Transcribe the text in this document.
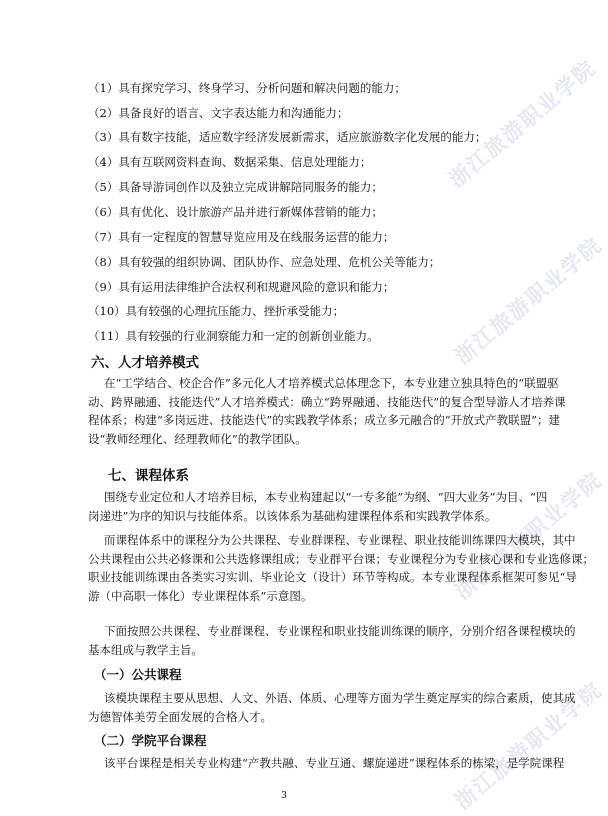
浙江旅游职业学院
浙江旅游职业学院
浙江旅游职业学院
浙江旅游职业学院
（1）具有探究学习、终身学习、分析问题和解决问题的能力；
（2）具备良好的语言、文字表达能力和沟通能力；
（3）具有数字技能，适应数字经济发展新需求，适应旅游数字化发展的能力；
（4）具有互联网资料查询、数据采集、信息处理能力；
（5）具备导游词创作以及独立完成讲解陪同服务的能力；
（6）具有优化、设计旅游产品并进行新媒体营销的能力；
（7）具有一定程度的智慧导览应用及在线服务运营的能力；
（8）具有较强的组织协调、团队协作、应急处理、危机公关等能力；
（9）具有运用法律维护合法权利和规避风险的意识和能力；
（10）具有较强的心理抗压能力、挫折承受能力；
（11）具有较强的行业洞察能力和一定的创新创业能力。
六、人才培养模式
在“工学结合、校企合作”多元化人才培养模式总体理念下，本专业建立独具特色的“联盟驱
动、跨界融通、技能迭代”人才培养模式：确立“跨界融通、技能迭代”的复合型导游人才培养课
程体系；构建“多岗远进、技能迭代”的实践教学体系；成立多元融合的“开放式产教联盟”；建
设“教师经理化、经理教师化”的教学团队。
七、课程体系
围绕专业定位和人才培养目标，本专业构建起以“一专多能”为纲、“四大业务”为目、“四
岗递进”为序的知识与技能体系。以该体系为基础构建课程体系和实践教学体系。
而课程体系中的课程分为公共课程、专业群课程、专业课程、职业技能训练课四大模块，其中
公共课程由公共必修课和公共选修课组成；专业群平台课；专业课程分为专业核心课和专业选修课；
职业技能训练课由各类实习实训、毕业论文（设计）环节等构成。本专业课程体系框架可参见“导
游（中高职一体化）专业课程体系”示意图。
下面按照公共课程、专业群课程、专业课程和职业技能训练课的顺序，分别介绍各课程模块的
基本组成与教学主旨。
（一）公共课程
该模块课程主要从思想、人文、外语、体质、心理等方面为学生奠定厚实的综合素质，使其成
为德智体美劳全面发展的合格人才。
（二）学院平台课程
该平台课程是相关专业构建“产教共融、专业互通、螺旋递进”课程体系的栋梁，是学院课程
3
